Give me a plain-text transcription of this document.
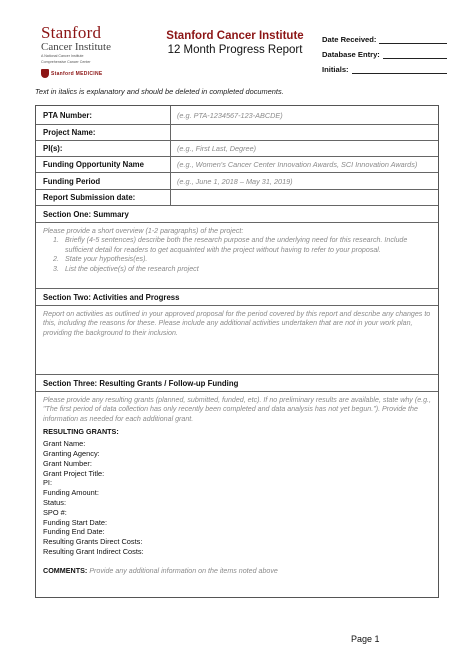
Stanford
Cancer Institute
A National Cancer Institute
Comprehensive Cancer Center
Stanford MEDICINE
Stanford Cancer Institute
12 Month Progress Report
Date Received:
Database Entry:
Initials:
Text in italics is explanatory and should be deleted in completed documents.
PTA Number:	(e.g. PTA-1234567-123-ABCDE)
Project Name:
PI(s):	(e.g., First Last, Degree)
Funding Opportunity Name	(e.g., Women's Cancer Center Innovation Awards, SCI Innovation Awards)
Funding Period	(e.g., June 1, 2018 – May 31, 2019)
Report Submission date:
Section One: Summary
Please provide a short overview (1-2 paragraphs) of the project:
1. Briefly (4-5 sentences) describe both the research purpose and the underlying need for this research. Include sufficient detail for readers to get acquainted with the project without having to refer to your proposal.
2. State your hypothesis(es).
3. List the objective(s) of the research project
Section Two: Activities and Progress
Report on activities as outlined in your approved proposal for the period covered by this report and describe any changes to this, including the reasons for these. Please include any additional activities undertaken that are not in your work plan, providing the background to their inclusion.
Section Three: Resulting Grants / Follow-up Funding
Please provide any resulting grants (planned, submitted, funded, etc). If no preliminary results are available, state why (e.g., "The first period of data collection has only recently been completed and data analysis has not yet begun."). Provide the information as needed for each additional grant.
RESULTING GRANTS:
Grant Name:
Granting Agency:
Grant Number:
Grant Project Title:
PI:
Funding Amount:
Status:
SPO #:
Funding Start Date:
Funding End Date:
Resulting Grants Direct Costs:
Resulting Grant Indirect Costs:
COMMENTS: Provide any additional information on the items noted above
Page 1
